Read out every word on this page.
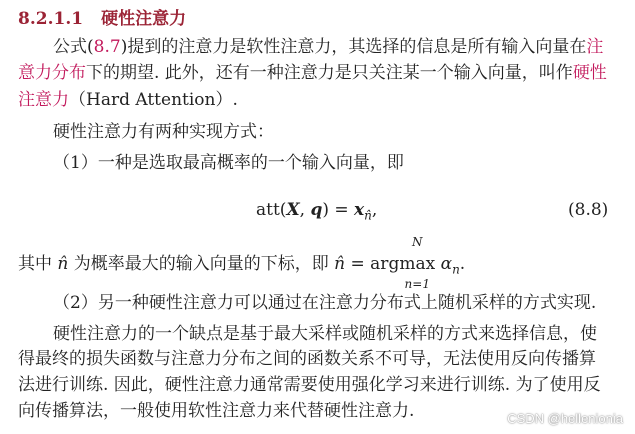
8.2.1.1 硬性注意力
公式(8.7)提到的注意力是软性注意力，其选择的信息是所有输入向量在注
意力分布下的期望. 此外，还有一种注意力是只关注某一个输入向量，叫作硬性
注意力（Hard Attention）.
硬性注意力有两种实现方式：
（1）一种是选取最高概率的一个输入向量，即
att(X, $q) = x_{n̂}$,	(8.8)
其中 n̂ 为概率最大的输入向量的下标，即 n̂ = arg
N
max
n=1
$\alpha_n$.
（2）另一种硬性注意力可以通过在注意力分布式上随机采样的方式实现.
硬性注意力的一个缺点是基于最大采样或随机采样的方式来选择信息，使
得最终的损失函数与注意力分布之间的函数关系不可导，无法使用反向传播算
法进行训练. 因此，硬性注意力通常需要使用强化学习来进行训练. 为了使用反
向传播算法，一般使用软性注意力来代替硬性注意力.	CSDN @hellenionia
